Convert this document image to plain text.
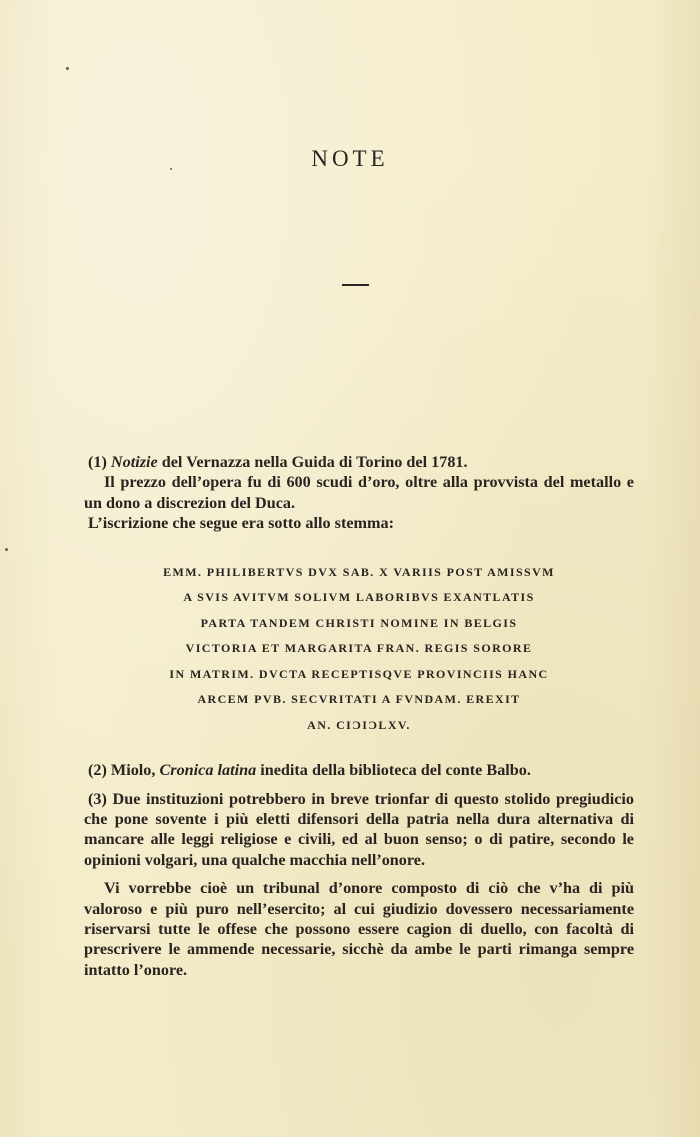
NOTE

(1) Notizie del Vernazza nella Guida di Torino del 1781.

Il prezzo dell’opera fu di 600 scudi d’oro, oltre alla provvista del metallo e un dono a discrezion del Duca.

L’iscrizione che segue era sotto allo stemma:

EMM. PHILIBERTVS DVX SAB. X VARIIS POST AMISSVM
A SVIS AVITVM SOLIVM LABORIBVS EXANTLATIS
PARTA TANDEM CHRISTI NOMINE IN BELGIS
VICTORIA ET MARGARITA FRAN. REGIS SORORE
IN MATRIM. DVCTA RECEPTISQVE PROVINCIIS HANC
ARCEM PVB. SECVRITATI A FVNDAM. EREXIT
AN. CIƆIƆLXV.

(2) Miolo, Cronica latina inedita della biblioteca del conte Balbo.

(3) Due instituzioni potrebbero in breve trionfar di questo stolido pregiudicio che pone sovente i più eletti difensori della patria nella dura alternativa di mancare alle leggi religiose e civili, ed al buon senso; o di patire, secondo le opinioni volgari, una qualche macchia nell’onore.

Vi vorrebbe cioè un tribunal d’onore composto di ciò che v’ha di più valoroso e più puro nell’esercito; al cui giudizio dovessero necessariamente riservarsi tutte le offese che possono essere cagion di duello, con facoltà di prescrivere le ammende necessarie, sicchè da ambe le parti rimanga sempre intatto l’onore.
